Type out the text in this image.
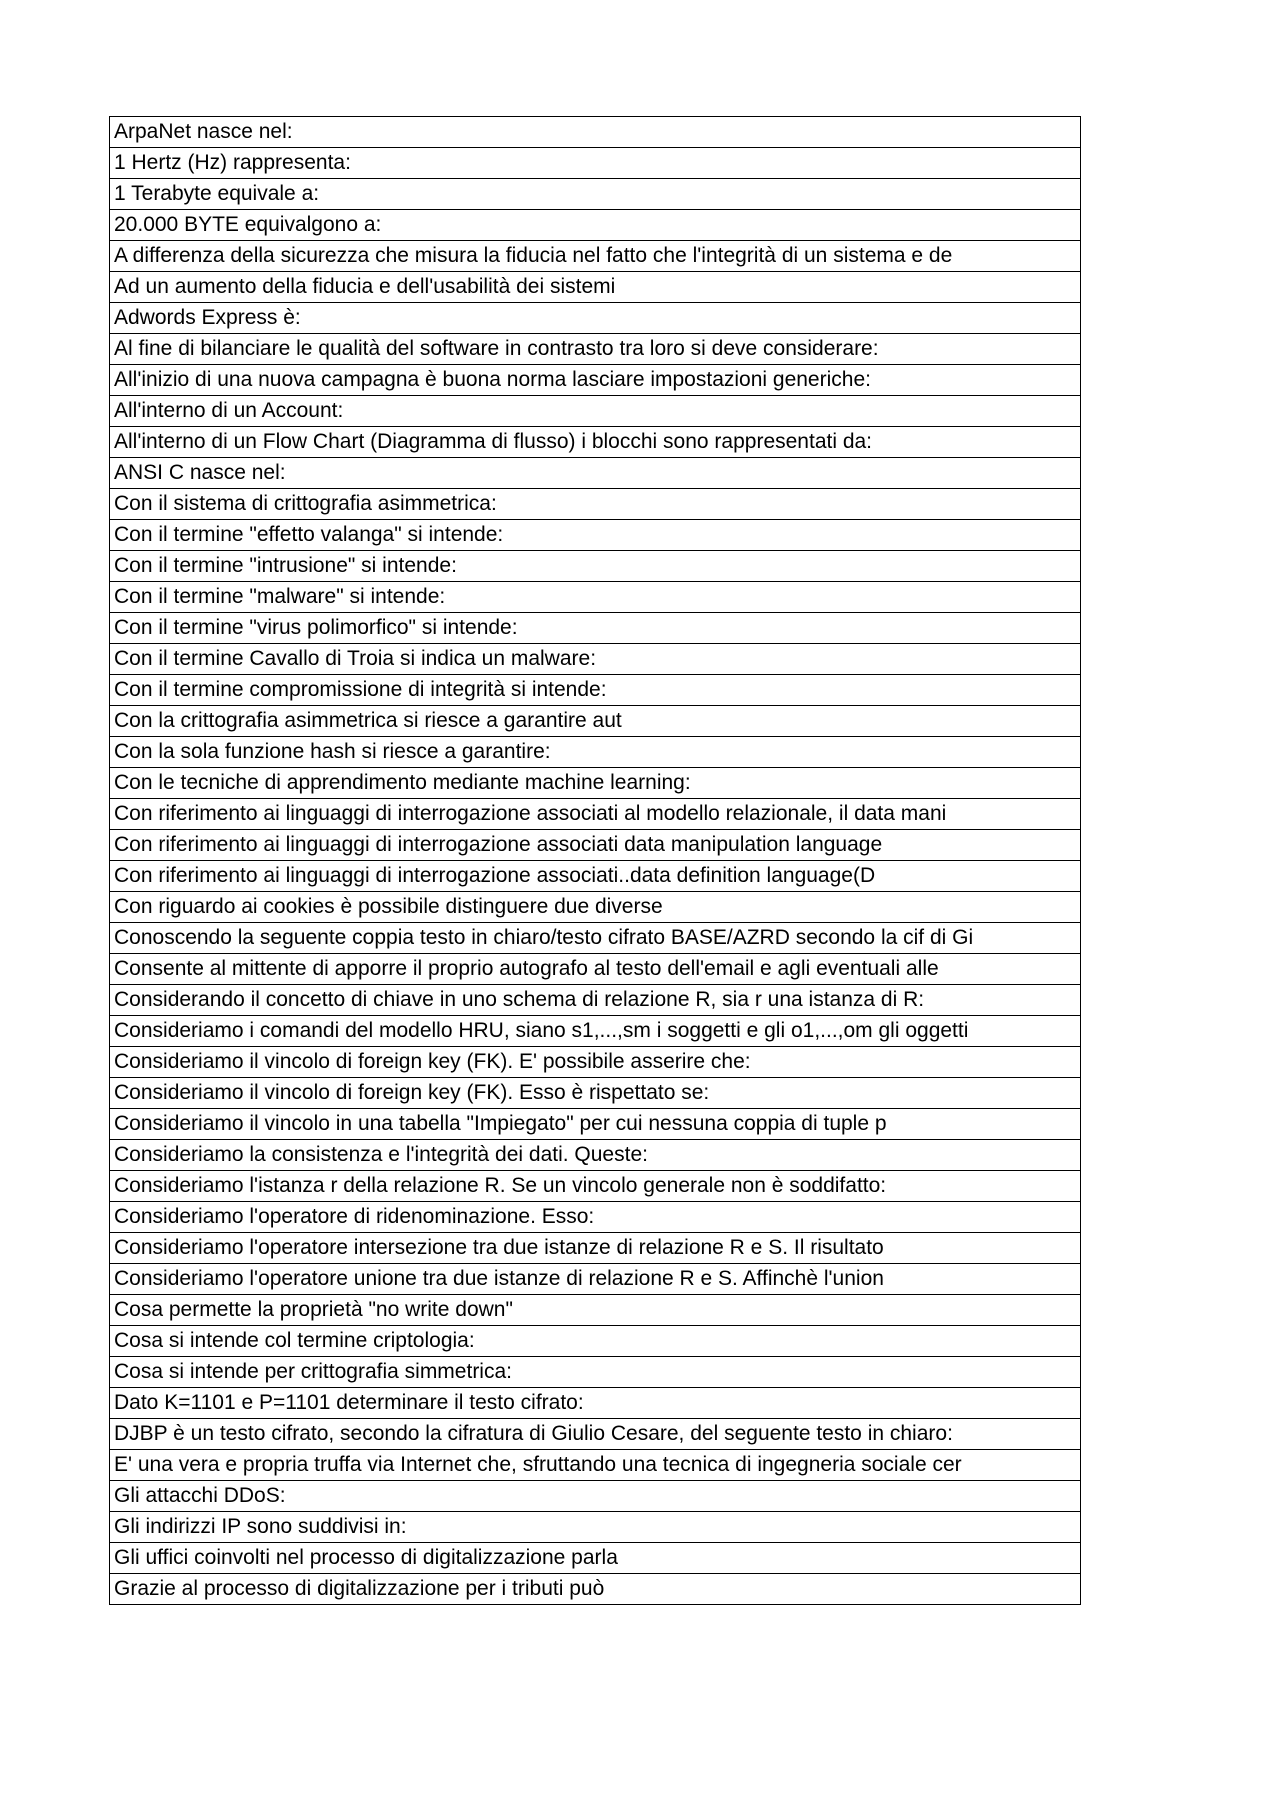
ArpaNet nasce nel:
1 Hertz (Hz) rappresenta:
1 Terabyte equivale a:
20.000 BYTE equivalgono a:
A differenza della sicurezza che misura la fiducia nel fatto che l'integrità di un sistema e de
Ad un aumento della fiducia e dell'usabilità dei sistemi
Adwords Express è:
Al fine di bilanciare le qualità del software in contrasto tra loro si deve considerare:
All'inizio di una nuova campagna è buona norma lasciare impostazioni generiche:
All'interno di un Account:
All'interno di un Flow Chart (Diagramma di flusso) i blocchi sono rappresentati da:
ANSI C nasce nel:
Con il sistema di crittografia asimmetrica:
Con il termine "effetto valanga" si intende:
Con il termine "intrusione" si intende:
Con il termine "malware" si intende:
Con il termine "virus polimorfico" si intende:
Con il termine Cavallo di Troia si indica un malware:
Con il termine compromissione di integrità si intende:
Con la crittografia asimmetrica si riesce a garantire aut
Con la sola funzione hash si riesce a garantire:
Con le tecniche di apprendimento mediante machine learning:
Con riferimento ai linguaggi di interrogazione associati al modello relazionale, il data mani
Con riferimento ai linguaggi di interrogazione associati data manipulation language
Con riferimento ai linguaggi di interrogazione associati..data definition language(D
Con riguardo ai cookies è possibile distinguere due diverse
Conoscendo la seguente coppia testo in chiaro/testo cifrato BASE/AZRD secondo la cif di Gi
Consente al mittente di apporre il proprio autografo al testo dell'email e agli eventuali alle
Considerando il concetto di chiave in uno schema di relazione R, sia r una istanza di R:
Consideriamo i comandi del modello HRU, siano s1,...,sm i soggetti e gli o1,...,om gli oggetti
Consideriamo il vincolo di foreign key (FK). E' possibile asserire che:
Consideriamo il vincolo di foreign key (FK). Esso è rispettato se:
Consideriamo il vincolo in una tabella "Impiegato" per cui nessuna coppia di tuple p
Consideriamo la consistenza e l'integrità dei dati. Queste:
Consideriamo l'istanza r della relazione R. Se un vincolo generale non è soddifatto:
Consideriamo l'operatore di ridenominazione. Esso:
Consideriamo l'operatore intersezione tra due istanze di relazione R e S. Il risultato
Consideriamo l'operatore unione tra due istanze di relazione R e S. Affinchè l'union
Cosa permette la proprietà "no write down"
Cosa si intende col termine criptologia:
Cosa si intende per crittografia simmetrica:
Dato K=1101 e P=1101 determinare il testo cifrato:
DJBP è un testo cifrato, secondo la cifratura di Giulio Cesare, del seguente testo in chiaro:
E' una vera e propria truffa via Internet che, sfruttando una tecnica di ingegneria sociale cer
Gli attacchi DDoS:
Gli indirizzi IP sono suddivisi in:
Gli uffici coinvolti nel processo di digitalizzazione parla
Grazie al processo di digitalizzazione per i tributi può
